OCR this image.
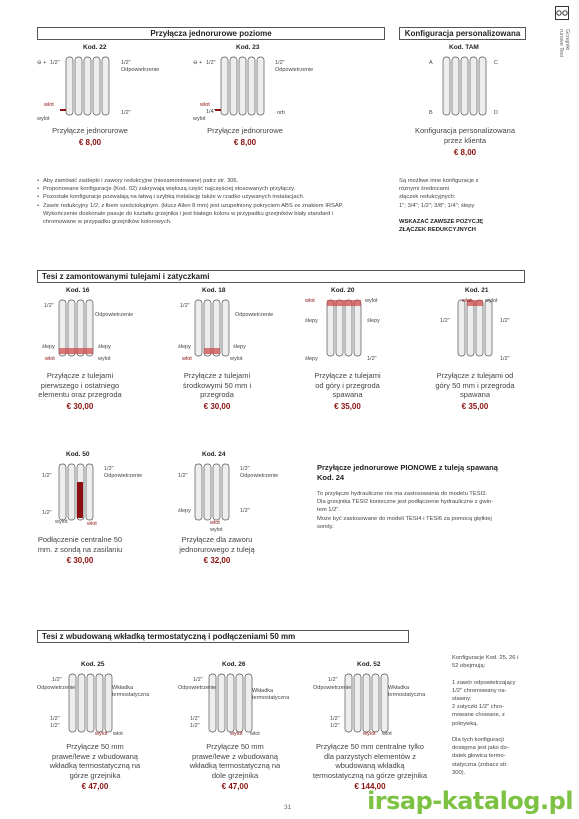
Grzejniki
rurowe Tesi
Przyłącza jednorurowe poziome	Konfiguracja personalizowana
Kod. 22
⊖ + 1/2"	1/2"
Odpowietrzenie
wlot
wylot
1/2"
Przyłącze jednorurowe
€ 8,00
Kod. 23
⊖ + 1/2"	1/2"
Odpowietrzenie
wlot
wylot
1/4"	orb
Przyłącze jednorurowe
€ 8,00
Kod. TAM
A	C
B	D
Konfiguracja personalizowana
przez klienta
€ 8,00
• Aby zamówić zaślepki i zawory redukcyjne (niezamontowane) patrz str. 306.
• Proponowane konfiguracje (Kod. 02) zakrywają większą część najczęściej stosowanych przyłączy.
• Pozostałe konfiguracje pozwalają na łatwą i szybką instalację także w rzadko używanych instalacjach.
• Zawór redukcyjny 1/2, z łbem sześciokątnym. (klucz Allen 8 mm) jest uzupełniony pokryciem ABS ze znakiem IRSAP. Wykończenie doskonale pasuje do kształtu grzejnika i jest białego koloru w przypadku grzejników biały standard i chromowane w przypadku grzejników kolorowych.
Są możliwe inne konfiguracje z
różnymi średnicami
złączek redukcyjnych:
1"; 3/4"; 1/2"; 3/8"; 1/4"; ślepy
WSKAZAĆ ZAWSZE POZYCJĘ
ZŁĄCZEK REDUKCYJNYCH
Tesi z zamontowanymi tulejami i zatyczkami
Kod. 16	Kod. 18	Kod. 20	Kod. 21
1/2"
Odpowietrzenie
1/2"
Odpowietrzenie
wlot	wylot	wlot wylot
ślepy	ślepy
wlot	wylot
ślepy	ślepy
wlot	wylot
ślepy	ślepy
ślepy	1/2"
1/2"	1/2"
1/2"
Przyłącze z tulejami
pierwszego i ostatniego
elementu oraz przegroda
€ 30,00
Przyłącze z tulejami
środkowymi 50 mm i
przegroda
€ 30,00
Przyłącze z tulejami
od góry i przegroda
spawana
€ 35,00
Przyłącze z tulejami od
góry 50 mm i przegroda
spawana
€ 35,00
Kod. 50	Kod. 24
1/2"
1/2"
Odpowietrzenie
1/2"
wylot	wlot
1/2"
1/2"
Odpowietrzenie
ślepy	1/2"
wlot
wylot
Podłączenie centralne 50
mm. z sondą na zasilaniu
€ 30,00
Przyłącze dla zaworu
jednorurowego z tuleją
€ 32,00
Przyłącze jednorurowe PIONOWE z tuleją spawaną
Kod. 24
To przyłącze hydrauliczne nie ma zastosowania do modelu TESI2.
Dla grzejnika TESI2 konieczne jest podłączenie hydrauliczne z gwin-
tem 1/2".
Może być zastosowane do modeli TESI4 i TESI6 za pomocą giętkiej
sondy.
Tesi z wbudowaną wkładką termostatyczną i podłączeniami 50 mm
Kod. 25	Kod. 26	Kod. 52
1/2"
Odpowietrzenie	Wkładka
termostatyczna
1/2"
1/2"
wylot wlot
1/2"
Odpowietrzenie	Wkładka
termostatyczna
1/2"
1/2"
wylot wlot
1/2"
Odpowietrzenie	Wkładka
termostatyczna
1/2"
1/2"
wylot wlot
Przyłącze 50 mm
prawe/lewe z wbudowaną
wkładką termostatyczną na
górze grzejnika
€ 47,00
Przyłącze 50 mm
prawe/lewe z wbudowaną
wkładką termostatyczną na
dole grzejnika
€ 47,00
Przyłącze 50 mm centralne tylko
dla parzystych elementów z
wbudowaną wkładką
termostatyczną na górze grzejnika
€ 144,00
Konfiguracje Kod. 25, 26 i
52 obejmują:

1 zawór odpowietrzający
1/2" chromowany na-
stawny;
2 zatyczki 1/2" chro-
mowane chowane, z
pokrywką.

Dla tych konfiguracji
dostępna jest jako do-
datek głowica termo-
statyczna (zobacz str.
300).
31	irsap-katalog.pl
